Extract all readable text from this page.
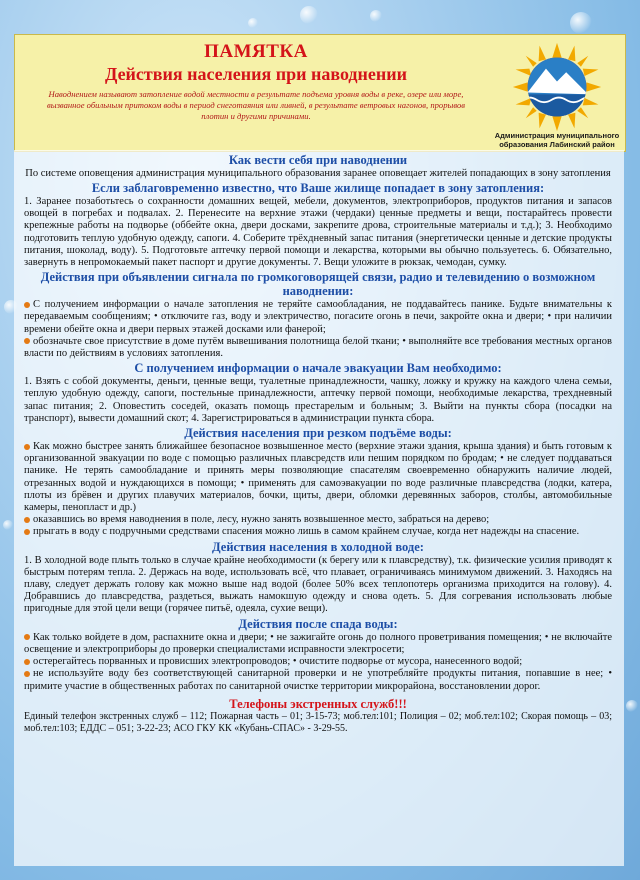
ПАМЯТКА
Действия населения при наводнении
Наводнением называют затопление водой местности в результате подъема уровня воды в реке, озере или море, вызванное обильным притоком воды в период снеготаяния или ливней, в результате ветровых нагонов, прорывов плотин и другими причинами.
Администрация муниципального
образования Лабинский район
Как вести себя при наводнении
По системе оповещения администрация муниципального образования заранее оповещает жителей попадающих в зону затопления
Если заблаговременно известно, что Ваше жилище попадает в зону затопления:
1. Заранее позаботьтесь о сохранности домашних вещей, мебели, документов, электроприборов, продуктов питания и запасов овощей в погребах и подвалах. 2. Перенесите на верхние этажи (чердаки) ценные предметы и вещи, постарайтесь провести крепежные работы на подворье (оббейте окна, двери досками, закрепите дрова, строительные материалы и т.д.); 3. Необходимо подготовить теплую удобную одежду, сапоги. 4. Соберите трёхдневный запас питания (энергетически ценные и детские продукты питания, шоколад, воду). 5. Подготовьте аптечку первой помощи и лекарства, которыми вы обычно пользуетесь. 6. Обязательно, завернуть в непромокаемый пакет паспорт и другие документы. 7. Вещи уложите в рюкзак, чемодан, сумку.
Действия при объявлении сигнала по громкоговорящей связи, радио и телевидению о возможном наводнении:
С получением информации о начале затопления не теряйте самообладания, не поддавайтесь панике. Будьте внимательны к передаваемым сообщениям; • отключите газ, воду и электричество, погасите огонь в печи, закройте окна и двери; • при наличии времени обейте окна и двери первых этажей досками или фанерой;
обозначьте свое присутствие в доме путём вывешивания полотнища белой ткани; • выполняйте все требования местных органов власти по действиям в условиях затопления.
С получением информации о начале эвакуации Вам необходимо:
1. Взять с собой документы, деньги, ценные вещи, туалетные принадлежности, чашку, ложку и кружку на каждого члена семьи, теплую удобную одежду, сапоги, постельные принадлежности, аптечку первой помощи, необходимые лекарства, трехдневный запас питания; 2. Оповестить соседей, оказать помощь престарелым и больным; 3. Выйти на пункты сбора (посадки на транспорт), вывести домашний скот; 4. Зарегистрироваться в администрации пункта сбора.
Действия населения при резком подъёме воды:
Как можно быстрее занять ближайшее безопасное возвышенное место (верхние этажи здания, крыша здания) и быть готовым к организованной эвакуации по воде с помощью различных плавсредств или пешим порядком по бродам; • не следует поддаваться панике. Не терять самообладание и принять меры позволяющие спасателям своевременно обнаружить наличие людей, отрезанных водой и нуждающихся в помощи; • применять для самоэвакуации по воде различные плавсредства (лодки, катера, плоты из брёвен и других плавучих материалов, бочки, щиты, двери, обломки деревянных заборов, столбы, автомобильные камеры, пенопласт и др.)
оказавшись во время наводнения в поле, лесу, нужно занять возвышенное место, забраться на дерево;
прыгать в воду с подручными средствами спасения можно лишь в самом крайнем случае, когда нет надежды на спасение.
Действия населения в холодной воде:
1. В холодной воде плыть только в случае крайне необходимости (к берегу или к плавсредству), т.к. физические усилия приводят к быстрым потерям тепла. 2. Держась на воде, использовать всё, что плавает, ограничиваясь минимумом движений. 3. Находясь на плаву, следует держать голову как можно выше над водой (более 50% всех теплопотерь организма приходится на голову). 4. Добравшись до плавсредства, раздеться, выжать намокшую одежду и снова одеть. 5. Для согревания использовать любые пригодные для этой цели вещи (горячее питьё, одеяла, сухие вещи).
Действия после спада воды:
Как только войдете в дом, распахните окна и двери; • не зажигайте огонь до полного проветривания помещения; • не включайте освещение и электроприборы до проверки специалистами исправности электросети;
остерегайтесь порванных и провисших электропроводов; • очистите подворье от мусора, нанесенного водой;
не используйте воду без соответствующей санитарной проверки и не употребляйте продукты питания, попавшие в нее; • примите участие в общественных работах по санитарной очистке территории микрорайона, восстановлении дорог.
Телефоны экстренных служб!!!
Единый телефон экстренных служб – 112; Пожарная часть – 01; 3-15-73; моб.тел:101; Полиция – 02; моб.тел:102; Скорая помощь – 03; моб.тел:103; ЕДДС – 051; 3-22-23; АСО ГКУ КК «Кубань-СПАС» - 3-29-55.
